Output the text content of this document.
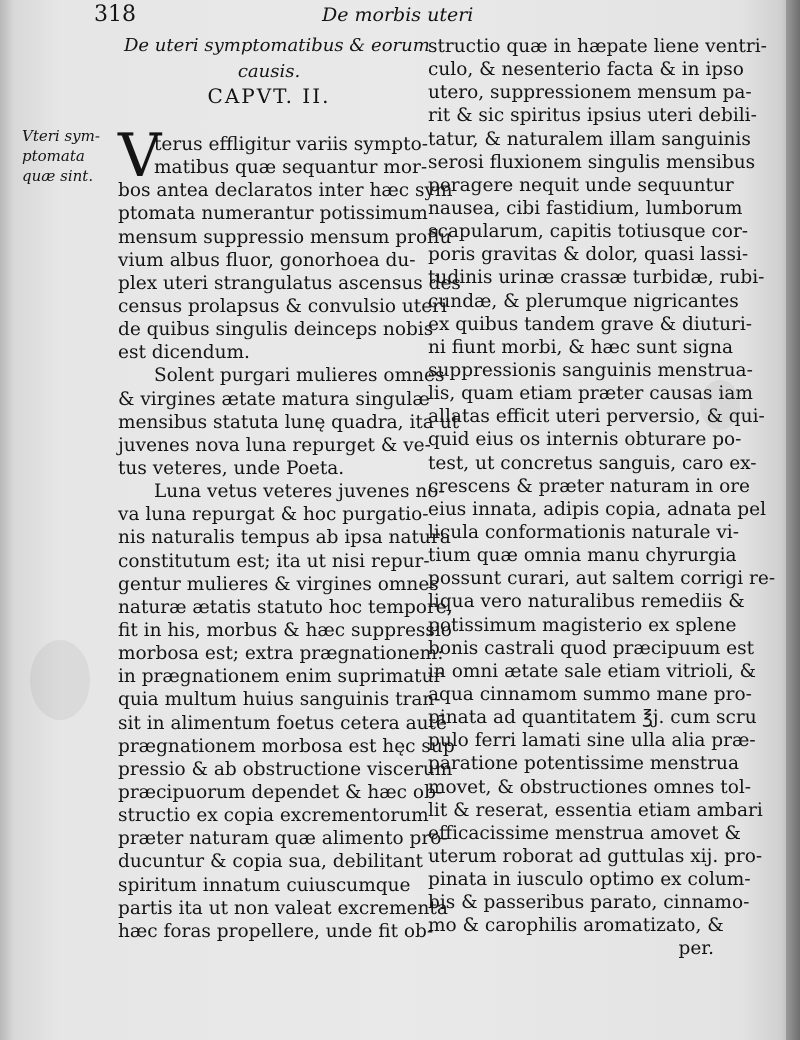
318	De morbis uteri
De uteri symptomatibus & eorum
causis.
CAPVT. II.
Vteri sym-
ptomata
quæ sint. V
terus effligitur variis sympto-
matibus quæ sequantur mor-
bos antea declaratos inter hæc sym
ptomata numerantur potissimum
mensum suppressio mensum proflu
vium albus fluor, gonorhoea du-
plex uteri strangulatus ascensus des
census prolapsus & convulsio uteri
de quibus singulis deinceps nobis
est dicendum.
Solent purgari mulieres omnes
& virgines ætate matura singulæ
mensibus statuta lunę quadra, ita ut
juvenes nova luna repurget & ve-
tus veteres, unde Poeta.
Luna vetus veteres juvenes no-
va luna repurgat & hoc purgatio-
nis naturalis tempus ab ipsa natura
constitutum est; ita ut nisi repur-
gentur mulieres & virgines omnes
naturæ ætatis statuto hoc tempore,
fit in his, morbus & hæc suppressio
morbosa est; extra prægnationem:
in prægnationem enim suprimatur
quia multum huius sanguinis tran-
sit in alimentum foetus cetera autē
prægnationem morbosa est hęc sup
pressio & ab obstructione viscerum
præcipuorum dependet & hæc ob-
structio ex copia excrementorum
præter naturam quæ alimento pro-
ducuntur & copia sua, debilitant
spiritum innatum cuiuscumque
partis ita ut non valeat excrementa
hæc foras propellere, unde fit ob-
structio quæ in hæpate liene ventri-
culo, & nesenterio facta & in ipso
utero, suppressionem mensum pa-
rit & sic spiritus ipsius uteri debili-
tatur, & naturalem illam sanguinis
serosi fluxionem singulis mensibus
peragere nequit unde sequuntur
nausea, cibi fastidium, lumborum
scapularum, capitis totiusque cor-
poris gravitas & dolor, quasi lassi-
tudinis urinæ crassæ turbidæ, rubi-
cundæ, & plerumque nigricantes
ex quibus tandem grave & diuturi-
ni fiunt morbi, & hæc sunt signa
suppressionis sanguinis menstrua-
lis, quam etiam præter causas iam
allatas efficit uteri perversio, & qui-
quid eius os internis obturare po-
test, ut concretus sanguis, caro ex-
crescens & præter naturam in ore
eius innata, adipis copia, adnata pel
licula conformationis naturale vi-
tium quæ omnia manu chyrurgia
possunt curari, aut saltem corrigi re-
liqua vero naturalibus remediis &
potissimum magisterio ex splene
bonis castrali quod præcipuum est
in omni ætate sale etiam vitrioli, &
aqua cinnamom summo mane pro-
pinata ad quantitatem ℥j. cum scru
pulo ferri lamati sine ulla alia præ-
paratione potentissime menstrua
movet, & obstructiones omnes tol-
lit & reserat, essentia etiam ambari
efficacissime menstrua amovet &
uterum roborat ad guttulas xij. pro-
pinata in iusculo optimo ex colum-
bis & passeribus parato, cinnamo-
mo & carophilis aromatizato, &
per.
